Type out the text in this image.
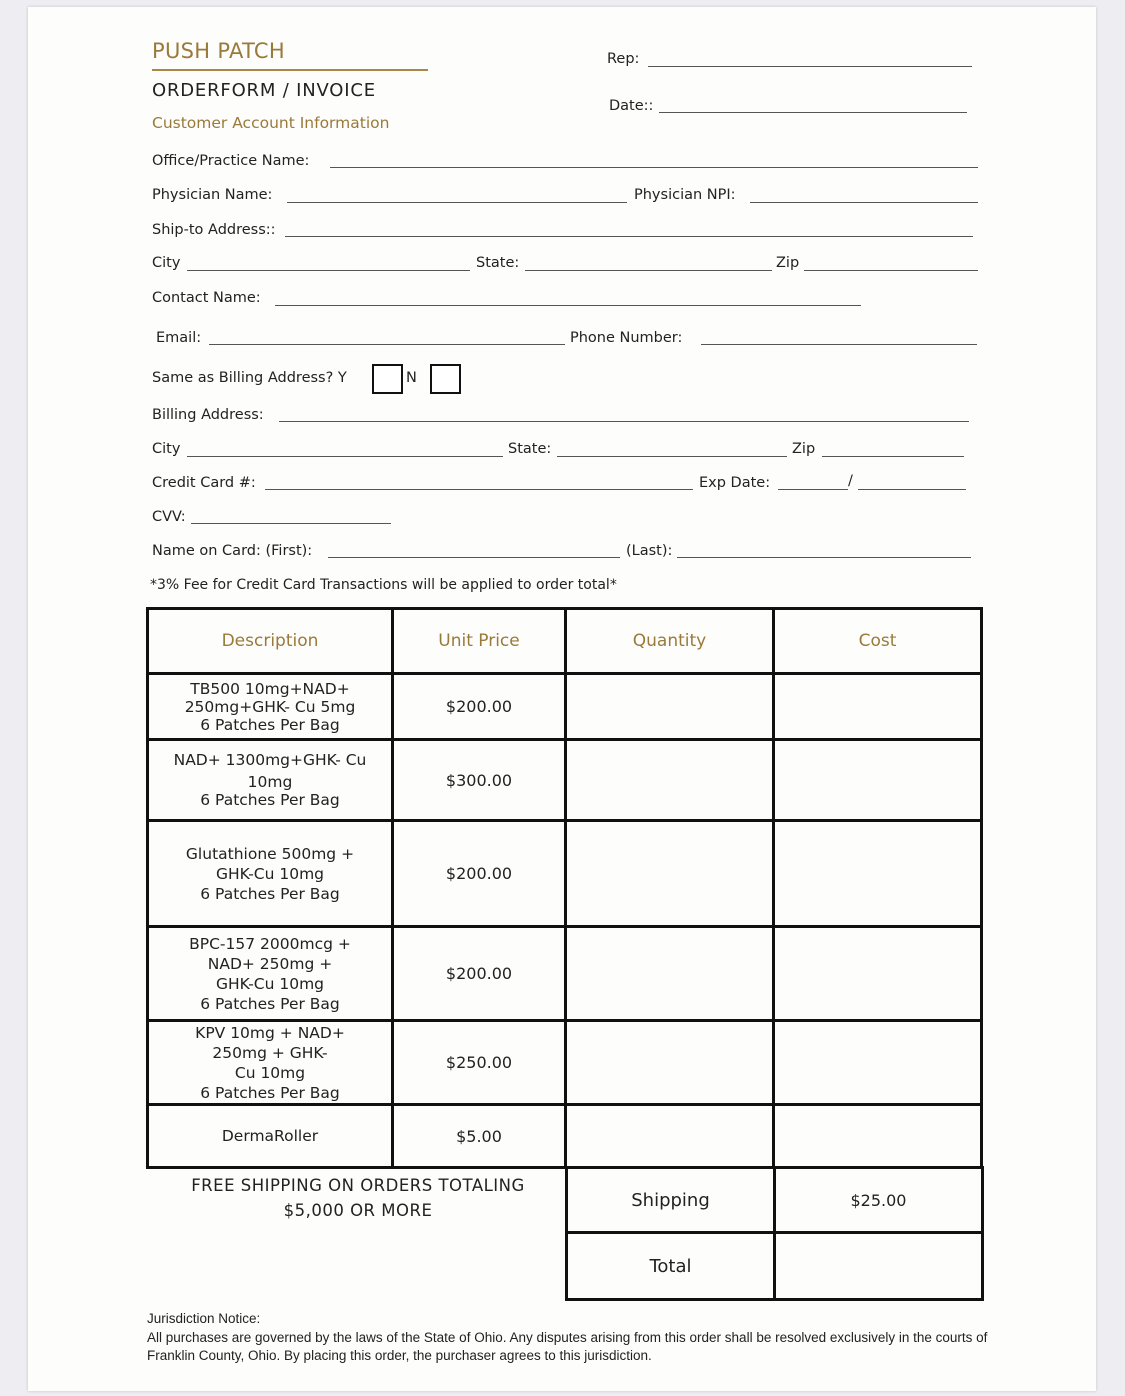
PUSH PATCH
ORDERFORM / INVOICE
Customer Account Information
Rep:
Date::
Office/Practice Name:
Physician Name:	Physician NPI:
Ship-to Address::
City	State:	Zip
Contact Name:
Email:	Phone Number:
Same as Billing Address? Y	N
Billing Address:
City	State:	Zip
Credit Card #:	Exp Date:	/
CVV:
Name on Card: (First):	(Last):
*3% Fee for Credit Card Transactions will be applied to order total*
Description	Unit Price	Quantity	Cost

TB500 10mg+NAD+
250mg+GHK- Cu 5mg
6 Patches Per Bag	$200.00		

NAD+ 1300mg+GHK- Cu
10mg
6 Patches Per Bag	$300.00		

Glutathione 500mg +
GHK-Cu 10mg
6 Patches Per Bag	$200.00		

BPC-157 2000mcg +
NAD+ 250mg +
GHK-Cu 10mg
6 Patches Per Bag	$200.00		

KPV 10mg + NAD+
250mg + GHK-
Cu 10mg
6 Patches Per Bag	$250.00		

DermaRoller	$5.00		
FREE SHIPPING ON ORDERS TOTALING
$5,000 OR MORE	Shipping	$25.00
Total	
Jurisdiction Notice:
All purchases are governed by the laws of the State of Ohio. Any disputes arising from this order shall be resolved exclusively in the courts of Franklin County, Ohio. By placing this order, the purchaser agrees to this jurisdiction.
